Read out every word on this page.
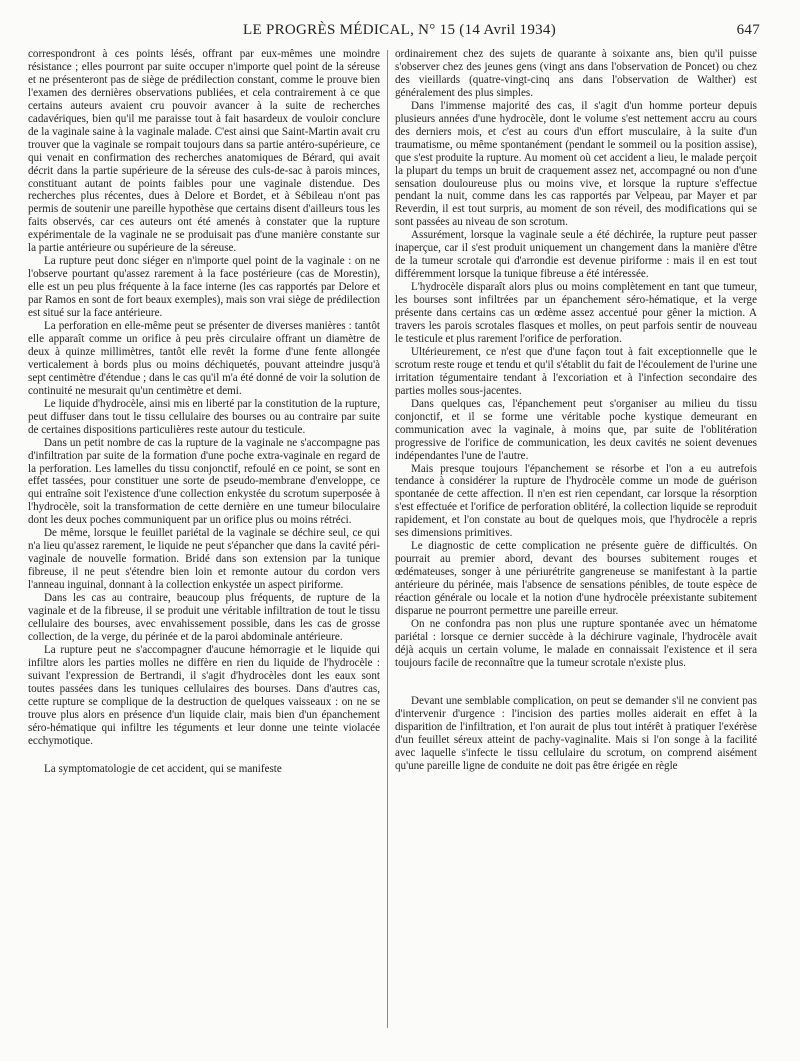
LE PROGRÈS MÉDICAL, N° 15 (14 Avril 1934)	647

correspondront à ces points lésés, offrant par eux-mêmes une moindre résistance ; elles pourront par suite occuper n'importe quel point de la séreuse et ne présenteront pas de siège de prédilection constant, comme le prouve bien l'examen des dernières observations publiées, et cela contrairement à ce que certains auteurs avaient cru pouvoir avancer à la suite de recherches cadavériques, bien qu'il me paraisse tout à fait hasardeux de vouloir conclure de la vaginale saine à la vaginale malade. C'est ainsi que Saint-Martin avait cru trouver que la vaginale se rompait toujours dans sa partie antéro-supérieure, ce qui venait en confirmation des recherches anatomiques de Bérard, qui avait décrit dans la partie supérieure de la séreuse des culs-de-sac à parois minces, constituant autant de points faibles pour une vaginale distendue. Des recherches plus récentes, dues à Delore et Bordet, et à Sébileau n'ont pas permis de soutenir une pareille hypothèse que certains disent d'ailleurs tous les faits observés, car ces auteurs ont été amenés à constater que la rupture expérimentale de la vaginale ne se produisait pas d'une manière constante sur la partie antérieure ou supérieure de la séreuse.

La rupture peut donc siéger en n'importe quel point de la vaginale : on ne l'observe pourtant qu'assez rarement à la face postérieure (cas de Morestin), elle est un peu plus fréquente à la face interne (les cas rapportés par Delore et par Ramos en sont de fort beaux exemples), mais son vrai siège de prédilection est situé sur la face antérieure.

La perforation en elle-même peut se présenter de diverses manières : tantôt elle apparaît comme un orifice à peu près circulaire offrant un diamètre de deux à quinze millimètres, tantôt elle revêt la forme d'une fente allongée verticalement à bords plus ou moins déchiquetés, pouvant atteindre jusqu'à sept centimètre d'étendue ; dans le cas qu'il m'a été donné de voir la solution de continuité ne mesurait qu'un centimètre et demi.

Le liquide d'hydrocèle, ainsi mis en liberté par la constitution de la rupture, peut diffuser dans tout le tissu cellulaire des bourses ou au contraire par suite de certaines dispositions particulières reste autour du testicule.

Dans un petit nombre de cas la rupture de la vaginale ne s'accompagne pas d'infiltration par suite de la formation d'une poche extra-vaginale en regard de la perforation. Les lamelles du tissu conjonctif, refoulé en ce point, se sont en effet tassées, pour constituer une sorte de pseudo-membrane d'enveloppe, ce qui entraîne soit l'existence d'une collection enkystée du scrotum superposée à l'hydrocèle, soit la transformation de cette dernière en une tumeur biloculaire dont les deux poches communiquent par un orifice plus ou moins rétréci.

De même, lorsque le feuillet pariétal de la vaginale se déchire seul, ce qui n'a lieu qu'assez rarement, le liquide ne peut s'épancher que dans la cavité péri-vaginale de nouvelle formation. Bridé dans son extension par la tunique fibreuse, il ne peut s'étendre bien loin et remonte autour du cordon vers l'anneau inguinal, donnant à la collection enkystée un aspect piriforme.

Dans les cas au contraire, beaucoup plus fréquents, de rupture de la vaginale et de la fibreuse, il se produit une véritable infiltration de tout le tissu cellulaire des bourses, avec envahissement possible, dans les cas de grosse collection, de la verge, du périnée et de la paroi abdominale antérieure.

La rupture peut ne s'accompagner d'aucune hémorragie et le liquide qui infiltre alors les parties molles ne diffère en rien du liquide de l'hydrocèle : suivant l'expression de Bertrandi, il s'agit d'hydrocèles dont les eaux sont toutes passées dans les tuniques cellulaires des bourses. Dans d'autres cas, cette rupture se complique de la destruction de quelques vaisseaux : on ne se trouve plus alors en présence d'un liquide clair, mais bien d'un épanchement séro-hématique qui infiltre les téguments et leur donne une teinte violacée ecchymotique.

La symptomatologie de cet accident, qui se manifeste

ordinairement chez des sujets de quarante à soixante ans, bien qu'il puisse s'observer chez des jeunes gens (vingt ans dans l'observation de Poncet) ou chez des vieillards (quatre-vingt-cinq ans dans l'observation de Walther) est généralement des plus simples.

Dans l'immense majorité des cas, il s'agit d'un homme porteur depuis plusieurs années d'une hydrocèle, dont le volume s'est nettement accru au cours des derniers mois, et c'est au cours d'un effort musculaire, à la suite d'un traumatisme, ou même spontanément (pendant le sommeil ou la position assise), que s'est produite la rupture. Au moment où cet accident a lieu, le malade perçoit la plupart du temps un bruit de craquement assez net, accompagné ou non d'une sensation douloureuse plus ou moins vive, et lorsque la rupture s'effectue pendant la nuit, comme dans les cas rapportés par Velpeau, par Mayer et par Reverdin, il est tout surpris, au moment de son réveil, des modifications qui se sont passées au niveau de son scrotum.

Assurément, lorsque la vaginale seule a été déchirée, la rupture peut passer inaperçue, car il s'est produit uniquement un changement dans la manière d'être de la tumeur scrotale qui d'arrondie est devenue piriforme : mais il en est tout différemment lorsque la tunique fibreuse a été intéressée.

L'hydrocèle disparaît alors plus ou moins complètement en tant que tumeur, les bourses sont infiltrées par un épanchement séro-hématique, et la verge présente dans certains cas un œdème assez accentué pour gêner la miction. A travers les parois scrotales flasques et molles, on peut parfois sentir de nouveau le testicule et plus rarement l'orifice de perforation.

Ultérieurement, ce n'est que d'une façon tout à fait exceptionnelle que le scrotum reste rouge et tendu et qu'il s'établit du fait de l'écoulement de l'urine une irritation tégumentaire tendant à l'excoriation et à l'infection secondaire des parties molles sous-jacentes.

Dans quelques cas, l'épanchement peut s'organiser au milieu du tissu conjonctif, et il se forme une véritable poche kystique demeurant en communication avec la vaginale, à moins que, par suite de l'oblitération progressive de l'orifice de communication, les deux cavités ne soient devenues indépendantes l'une de l'autre.

Mais presque toujours l'épanchement se résorbe et l'on a eu autrefois tendance à considérer la rupture de l'hydrocèle comme un mode de guérison spontanée de cette affection. Il n'en est rien cependant, car lorsque la résorption s'est effectuée et l'orifice de perforation oblitéré, la collection liquide se reproduit rapidement, et l'on constate au bout de quelques mois, que l'hydrocèle a repris ses dimensions primitives.

Le diagnostic de cette complication ne présente guère de difficultés. On pourrait au premier abord, devant des bourses subitement rouges et œdémateuses, songer à une périurétrite gangreneuse se manifestant à la partie antérieure du périnée, mais l'absence de sensations pénibles, de toute espèce de réaction générale ou locale et la notion d'une hydrocèle préexistante subitement disparue ne pourront permettre une pareille erreur.

On ne confondra pas non plus une rupture spontanée avec un hématome pariétal : lorsque ce dernier succède à la déchirure vaginale, l'hydrocèle avait déjà acquis un certain volume, le malade en connaissait l'existence et il sera toujours facile de reconnaître que la tumeur scrotale n'existe plus.

Devant une semblable complication, on peut se demander s'il ne convient pas d'intervenir d'urgence : l'incision des parties molles aiderait en effet à la disparition de l'infiltration, et l'on aurait de plus tout intérêt à pratiquer l'exérèse d'un feuillet séreux atteint de pachy-vaginalite. Mais si l'on songe à la facilité avec laquelle s'infecte le tissu cellulaire du scrotum, on comprend aisément qu'une pareille ligne de conduite ne doit pas être érigée en règle
